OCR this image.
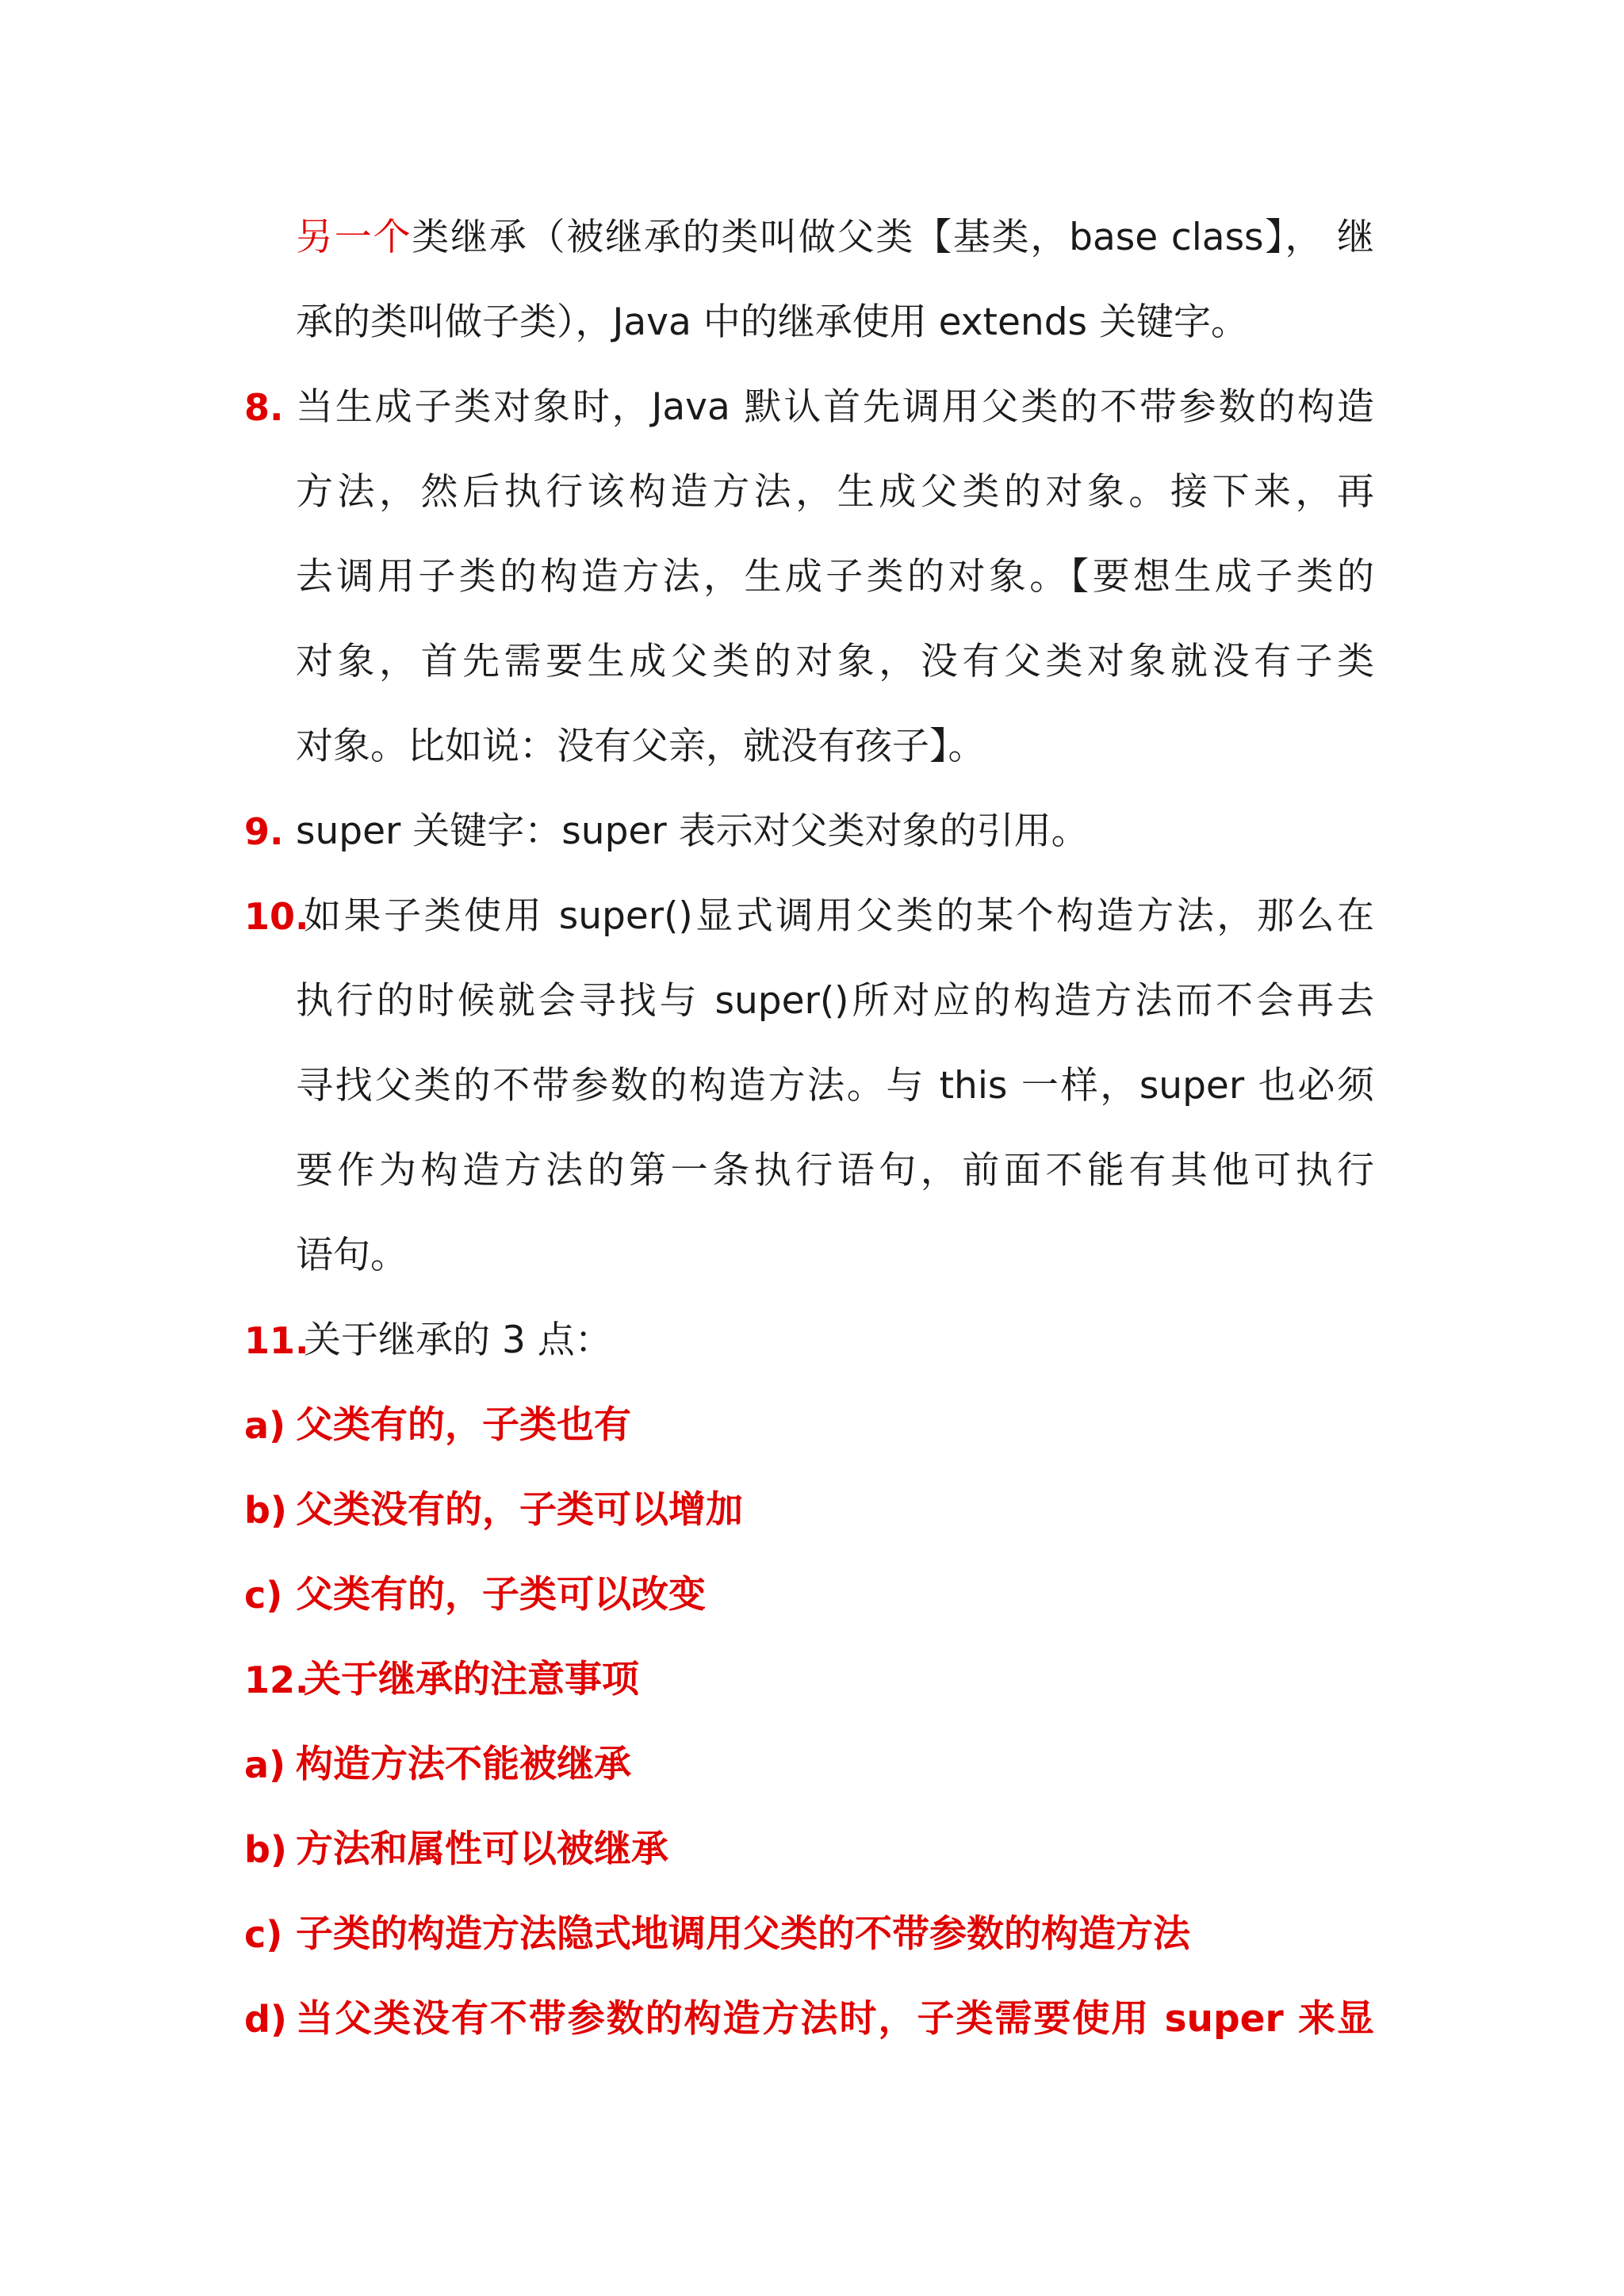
另一个类继承（被继承的类叫做父类【基类，base class】， 继
承的类叫做子类），Java 中的继承使用 extends 关键字。
8. 当生成子类对象时，Java 默认首先调用父类的不带参数的构造
方法，然后执行该构造方法，生成父类的对象。接下来，再
去调用子类的构造方法，生成子类的对象。【要想生成子类的
对象，首先需要生成父类的对象，没有父类对象就没有子类
对象。比如说：没有父亲，就没有孩子】。
9. super 关键字：super 表示对父类对象的引用。
10.
如果子类使用 super()显式调用父类的某个构造方法，那么在
执行的时候就会寻找与 super()所对应的构造方法而不会再去
寻找父类的不带参数的构造方法。与 this 一样，super 也必须
要作为构造方法的第一条执行语句，前面不能有其他可执行
语句。
11.
关于继承的 3 点：
a) 父类有的，子类也有
b) 父类没有的，子类可以增加
c) 父类有的，子类可以改变
12.
关于继承的注意事项
a) 构造方法不能被继承
b) 方法和属性可以被继承
c) 子类的构造方法隐式地调用父类的不带参数的构造方法
d) 当父类没有不带参数的构造方法时，子类需要使用 super 来显
